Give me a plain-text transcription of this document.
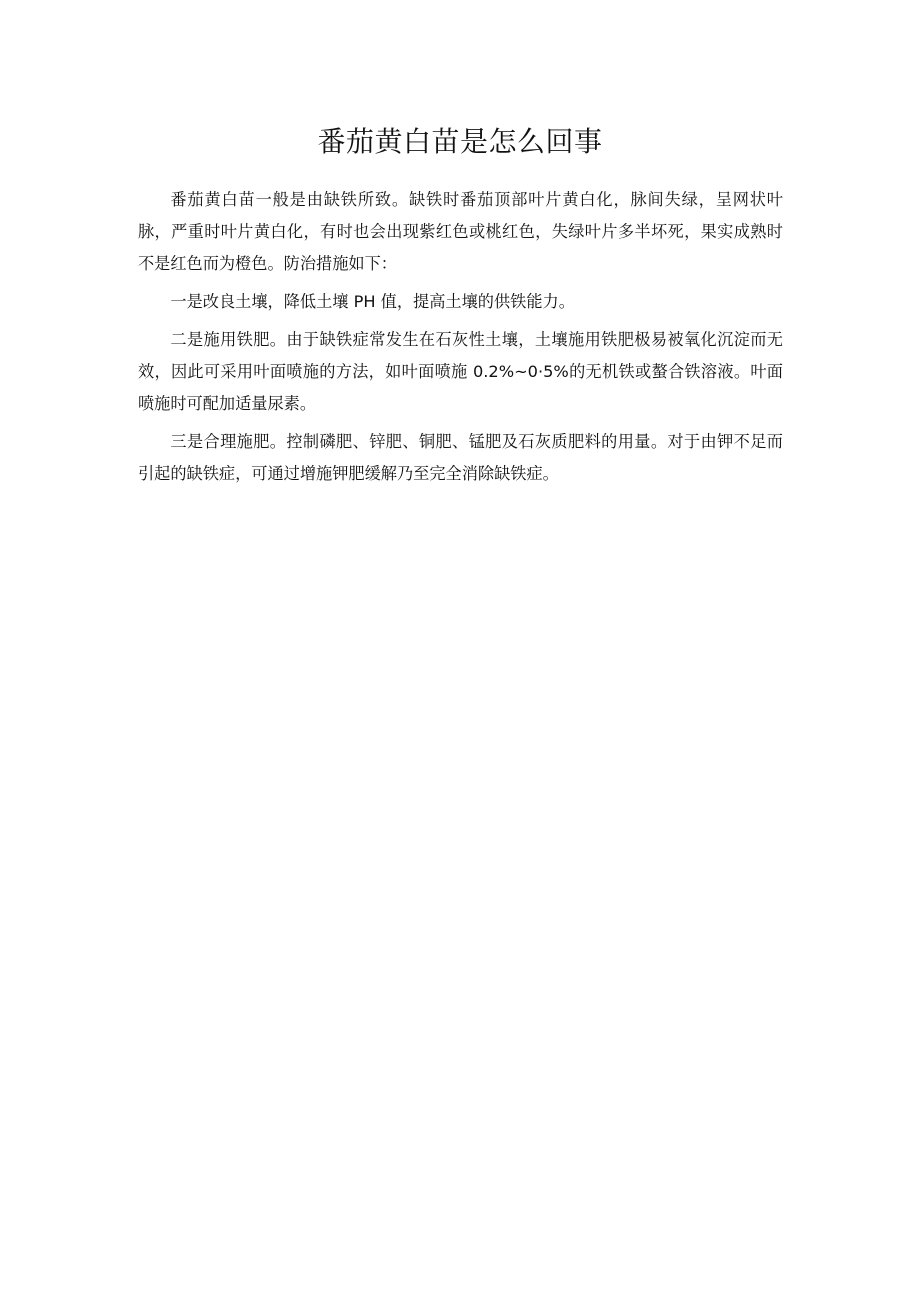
番茄黄白苗是怎么回事

番茄黄白苗一般是由缺铁所致。缺铁时番茄顶部叶片黄白化，脉间失绿，呈网状叶脉，严重时叶片黄白化，有时也会出现紫红色或桃红色，失绿叶片多半坏死，果实成熟时不是红色而为橙色。防治措施如下：

一是改良土壤，降低土壤 PH 值，提高土壤的供铁能力。

二是施用铁肥。由于缺铁症常发生在石灰性土壤，土壤施用铁肥极易被氧化沉淀而无效，因此可采用叶面喷施的方法，如叶面喷施 0.2%~0·5%的无机铁或螯合铁溶液。叶面喷施时可配加适量尿素。

三是合理施肥。控制磷肥、锌肥、铜肥、锰肥及石灰质肥料的用量。对于由钾不足而引起的缺铁症，可通过增施钾肥缓解乃至完全消除缺铁症。
